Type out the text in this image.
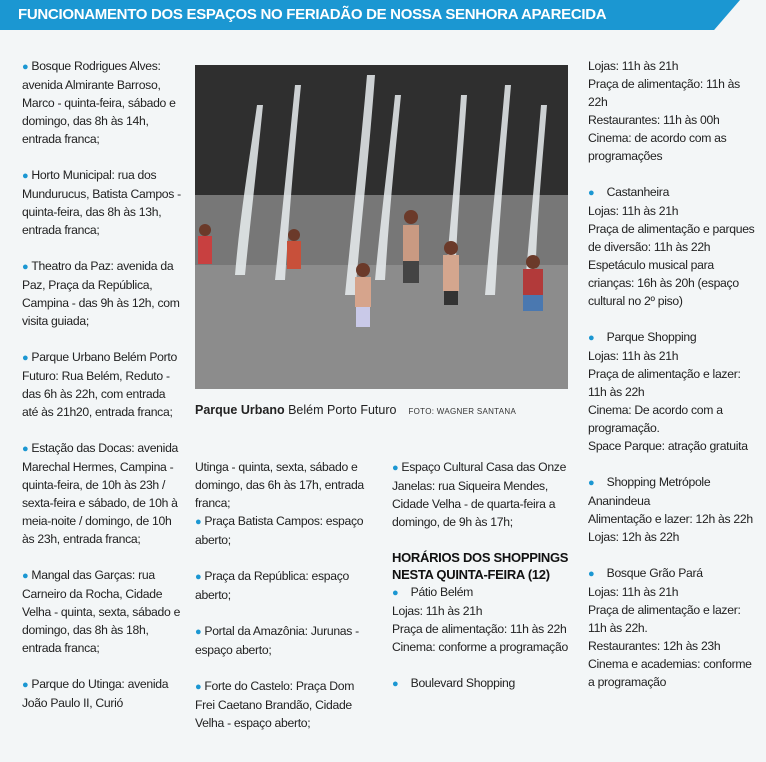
FUNCIONAMENTO DOS ESPAÇOS NO FERIADÃO DE NOSSA SENHORA APARECIDA
● Bosque Rodrigues Alves: avenida Almirante Barroso, Marco - quinta-feira, sábado e domingo, das 8h às 14h, entrada franca;
● Horto Municipal: rua dos Mundurucus, Batista Campos - quinta-feira, das 8h às 13h, entrada franca;
● Theatro da Paz: avenida da Paz, Praça da República, Campina - das 9h às 12h, com visita guiada;
● Parque Urbano Belém Porto Futuro: Rua Belém, Reduto - das 6h às 22h, com entrada até às 21h20, entrada franca;
● Estação das Docas: avenida Marechal Hermes, Campina - quinta-feira, de 10h às 23h / sexta-feira e sábado, de 10h à meia-noite / domingo, de 10h às 23h, entrada franca;
● Mangal das Garças: rua Carneiro da Rocha, Cidade Velha - quinta, sexta, sábado e domingo, das 8h às 18h, entrada franca;
● Parque do Utinga: avenida João Paulo II, Curió
Parque Urbano Belém Porto Futuro FOTO: WAGNER SANTANA
Utinga - quinta, sexta, sábado e domingo, das 6h às 17h, entrada franca;
● Praça Batista Campos: espaço aberto;
● Praça da República: espaço aberto;
● Portal da Amazônia: Jurunas - espaço aberto;
● Forte do Castelo: Praça Dom Frei Caetano Brandão, Cidade Velha - espaço aberto;
● Espaço Cultural Casa das Onze Janelas: rua Siqueira Mendes, Cidade Velha - de quarta-feira a domingo, de 9h às 17h;
HORÁRIOS DOS SHOPPINGS NESTA QUINTA-FEIRA (12)
● Pátio Belém
Lojas: 11h às 21h
Praça de alimentação: 11h às 22h
Cinema: conforme a programação
● Boulevard Shopping
Lojas: 11h às 21h
Praça de alimentação: 11h às 22h
Restaurantes: 11h às 00h
Cinema: de acordo com as programações
● Castanheira
Lojas: 11h às 21h
Praça de alimentação e parques de diversão: 11h às 22h
Espetáculo musical para crianças: 16h às 20h (espaço cultural no 2º piso)
● Parque Shopping
Lojas: 11h às 21h
Praça de alimentação e lazer: 11h às 22h
Cinema: De acordo com a programação.
Space Parque: atração gratuita
● Shopping Metrópole Ananindeua
Alimentação e lazer: 12h às 22h
Lojas: 12h às 22h
● Bosque Grão Pará
Lojas: 11h às 21h
Praça de alimentação e lazer: 11h às 22h.
Restaurantes: 12h às 23h
Cinema e academias: conforme a programação
